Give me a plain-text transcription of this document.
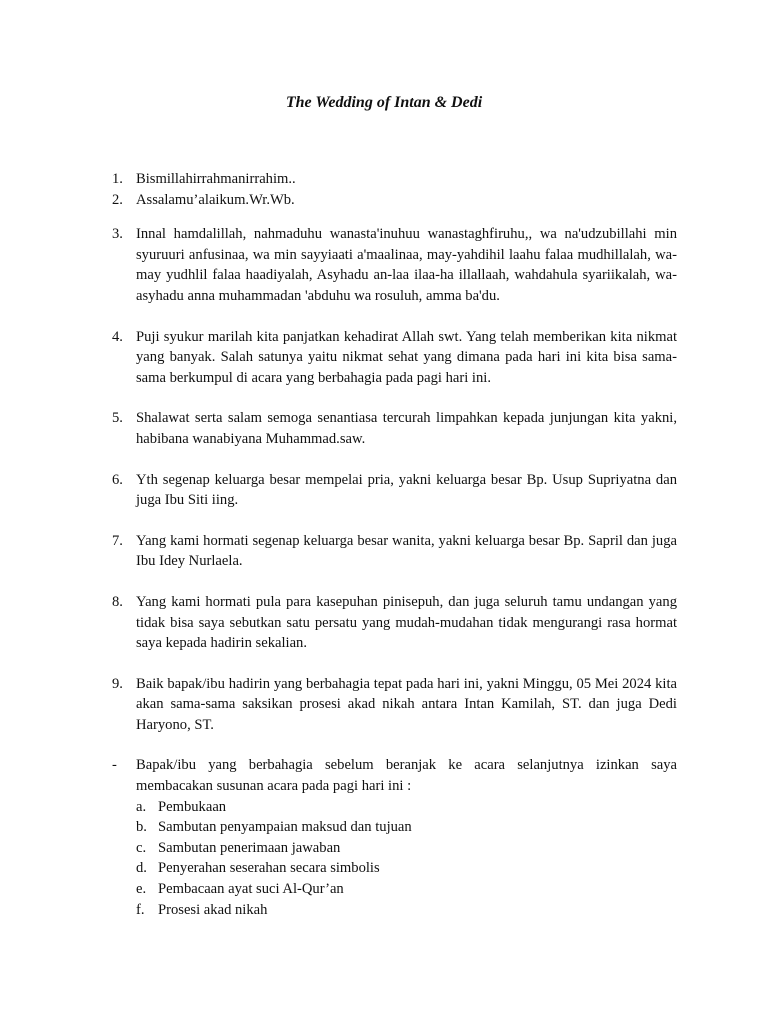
The Wedding of Intan & Dedi
1. Bismillahirrahmanirrahim..
2. Assalamu’alaikum.Wr.Wb.
3. Innal hamdalillah, nahmaduhu wanasta'inuhuu wanastaghfiruhu,, wa na'udzubillahi min syuruuri anfusinaa, wa min sayyiaati a'maalinaa, may-yahdihil laahu falaa mudhillalah, wa-may yudhlil falaa haadiyalah, Asyhadu an-laa ilaa-ha illallaah, wahdahula syariikalah, wa-asyhadu anna muhammadan 'abduhu wa rosuluh, amma ba'du.
4. Puji syukur marilah kita panjatkan kehadirat Allah swt. Yang telah memberikan kita nikmat yang banyak. Salah satunya yaitu nikmat sehat yang dimana pada hari ini kita bisa sama-sama berkumpul di acara yang berbahagia pada pagi hari ini.
5. Shalawat serta salam semoga senantiasa tercurah limpahkan kepada junjungan kita yakni, habibana wanabiyana Muhammad.saw.
6. Yth segenap keluarga besar mempelai pria, yakni keluarga besar Bp. Usup Supriyatna dan juga Ibu Siti iing.
7. Yang kami hormati segenap keluarga besar wanita, yakni keluarga besar Bp. Sapril dan juga Ibu Idey Nurlaela.
8. Yang kami hormati pula para kasepuhan pinisepuh, dan juga seluruh tamu undangan yang tidak bisa saya sebutkan satu persatu yang mudah-mudahan tidak mengurangi rasa hormat saya kepada hadirin sekalian.
9. Baik bapak/ibu hadirin yang berbahagia tepat pada hari ini, yakni Minggu, 05 Mei 2024 kita akan sama-sama saksikan prosesi akad nikah antara Intan Kamilah, ST. dan juga Dedi Haryono, ST.
-	Bapak/ibu yang berbahagia sebelum beranjak ke acara selanjutnya izinkan saya membacakan susunan acara pada pagi hari ini :
a. Pembukaan
b. Sambutan penyampaian maksud dan tujuan
c. Sambutan penerimaan jawaban
d. Penyerahan seserahan secara simbolis
e. Pembacaan ayat suci Al-Qur’an
f. Prosesi akad nikah
